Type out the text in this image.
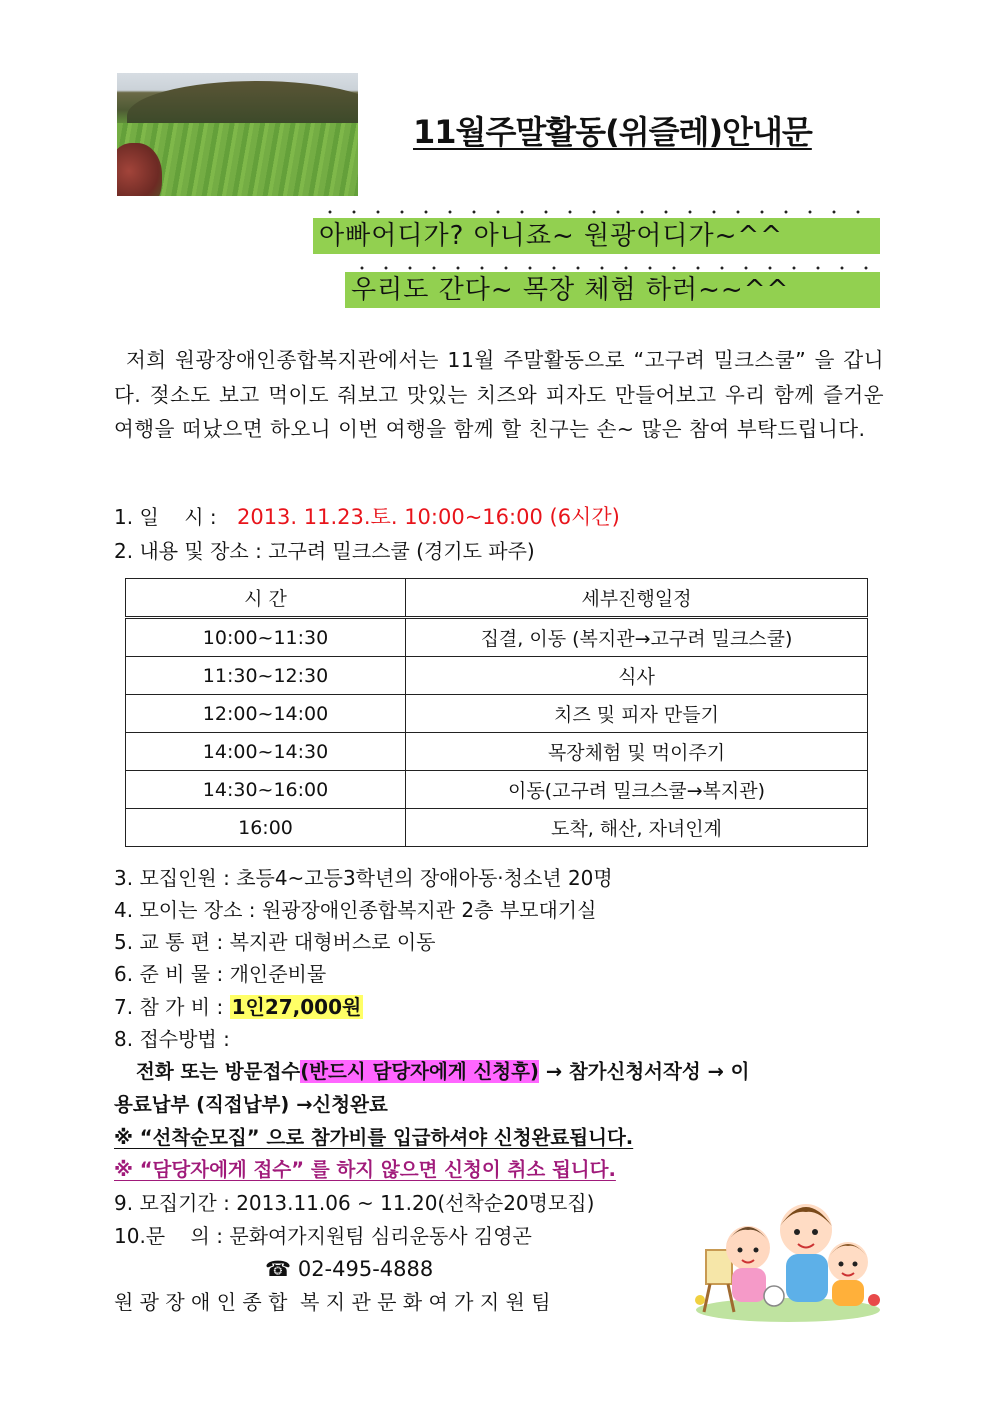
11월주말활동(위즐레)안내문
아빠어디가? 아니죠~ 원광어디가~^^
우리도 간다~ 목장 체험 하러~~^^

저희 원광장애인종합복지관에서는 11월 주말활동으로 “고구려 밀크스쿨” 을 갑니다. 젖소도 보고 먹이도 줘보고 맛있는 치즈와 피자도 만들어보고 우리 함께 즐거운 여행을 떠났으면 하오니 이번 여행을 함께 할 친구는 손~ 많은 참여 부탁드립니다.

1. 일    시 : 2013. 11.23.토. 10:00~16:00 (6시간)
2. 내용 및 장소 : 고구려 밀크스쿨 (경기도 파주)
시 간	세부진행일정
10:00~11:30	집결, 이동 (복지관→고구려 밀크스쿨)
11:30~12:30	식사
12:00~14:00	치즈 및 피자 만들기
14:00~14:30	목장체험 및 먹이주기
14:30~16:00	이동(고구려 밀크스쿨→복지관)
16:00	도착, 해산, 자녀인계
3. 모집인원 : 초등4~고등3학년의 장애아동·청소년 20명
4. 모이는 장소 : 원광장애인종합복지관 2층 부모대기실
5. 교 통 편 : 복지관 대형버스로 이동
6. 준 비 물 : 개인준비물
7. 참 가 비 : 1인27,000원
8. 접수방법 :
전화 또는 방문접수(반드시 담당자에게 신청후) → 참가신청서작성 → 이
용료납부 (직접납부) →신청완료
※ “선착순모집” 으로 참가비를 입급하셔야 신청완료됩니다.
※ “담당자에게 접수” 를 하지 않으면 신청이 취소 됩니다.
9. 모집기간 : 2013.11.06 ~ 11.20(선착순20명모집)
10.문    의 : 문화여가지원팀 심리운동사 김영곤
☎ 02-495-4888
원 광 장 애 인 종 합  복 지 관 문 화 여 가 지 원 팀
